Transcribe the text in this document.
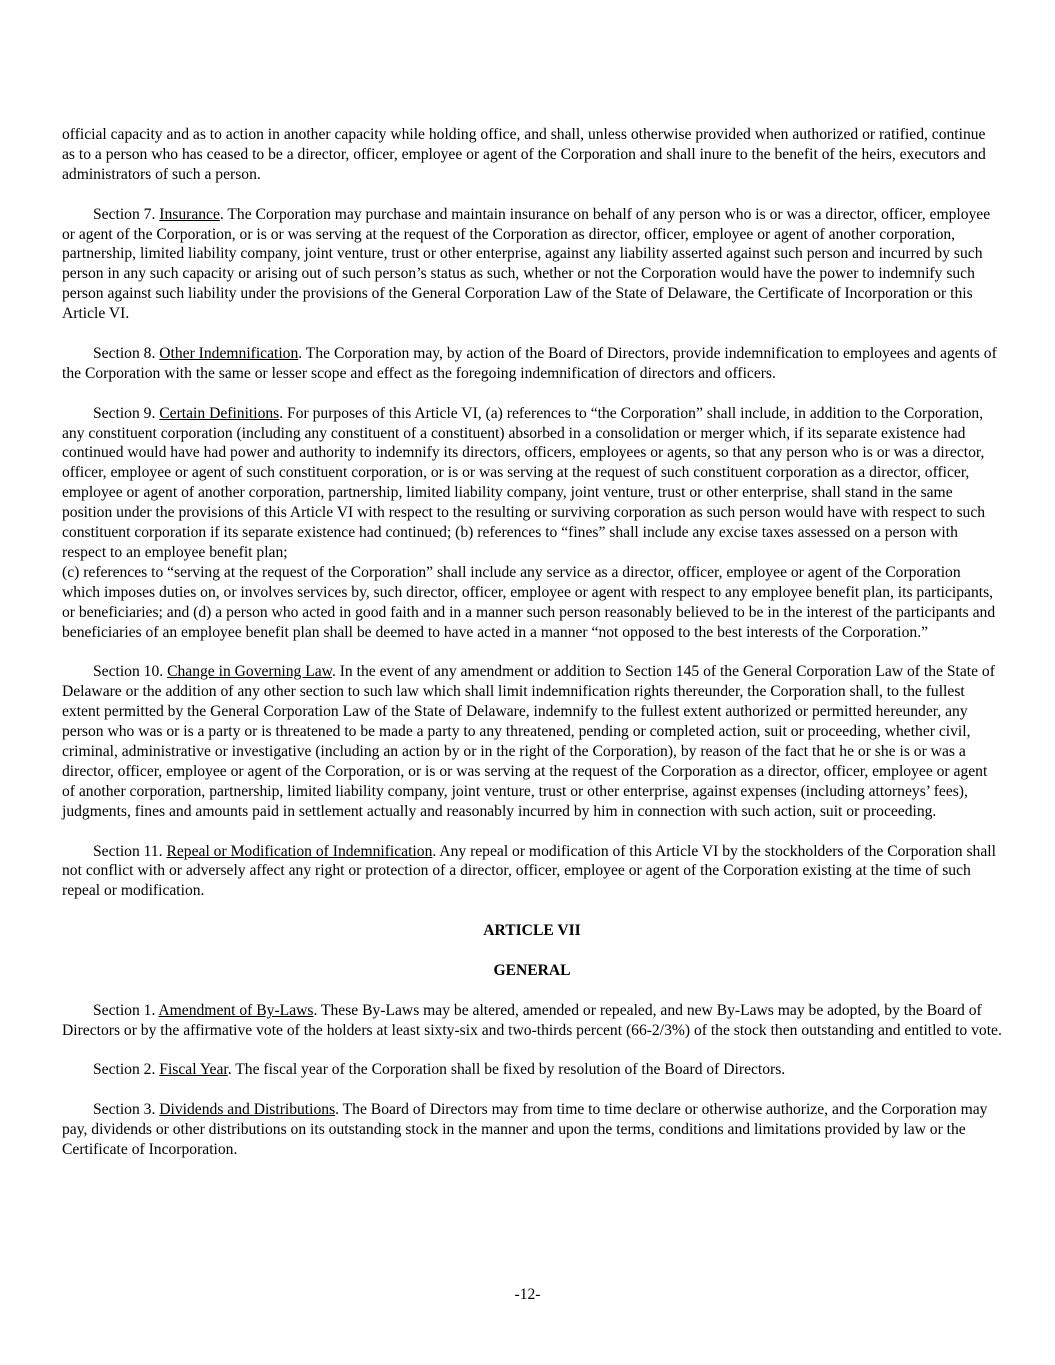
official capacity and as to action in another capacity while holding office, and shall, unless otherwise provided when authorized or ratified, continue as to a person who has ceased to be a director, officer, employee or agent of the Corporation and shall inure to the benefit of the heirs, executors and administrators of such a person.

Section 7. Insurance. The Corporation may purchase and maintain insurance on behalf of any person who is or was a director, officer, employee or agent of the Corporation, or is or was serving at the request of the Corporation as director, officer, employee or agent of another corporation, partnership, limited liability company, joint venture, trust or other enterprise, against any liability asserted against such person and incurred by such person in any such capacity or arising out of such person’s status as such, whether or not the Corporation would have the power to indemnify such person against such liability under the provisions of the General Corporation Law of the State of Delaware, the Certificate of Incorporation or this Article VI.

Section 8. Other Indemnification. The Corporation may, by action of the Board of Directors, provide indemnification to employees and agents of the Corporation with the same or lesser scope and effect as the foregoing indemnification of directors and officers.

Section 9. Certain Definitions. For purposes of this Article VI, (a) references to “the Corporation” shall include, in addition to the Corporation, any constituent corporation (including any constituent of a constituent) absorbed in a consolidation or merger which, if its separate existence had continued would have had power and authority to indemnify its directors, officers, employees or agents, so that any person who is or was a director, officer, employee or agent of such constituent corporation, or is or was serving at the request of such constituent corporation as a director, officer, employee or agent of another corporation, partnership, limited liability company, joint venture, trust or other enterprise, shall stand in the same position under the provisions of this Article VI with respect to the resulting or surviving corporation as such person would have with respect to such constituent corporation if its separate existence had continued; (b) references to “fines” shall include any excise taxes assessed on a person with respect to an employee benefit plan;
(c) references to “serving at the request of the Corporation” shall include any service as a director, officer, employee or agent of the Corporation which imposes duties on, or involves services by, such director, officer, employee or agent with respect to any employee benefit plan, its participants, or beneficiaries; and (d) a person who acted in good faith and in a manner such person reasonably believed to be in the interest of the participants and beneficiaries of an employee benefit plan shall be deemed to have acted in a manner “not opposed to the best interests of the Corporation.”

Section 10. Change in Governing Law. In the event of any amendment or addition to Section 145 of the General Corporation Law of the State of Delaware or the addition of any other section to such law which shall limit indemnification rights thereunder, the Corporation shall, to the fullest extent permitted by the General Corporation Law of the State of Delaware, indemnify to the fullest extent authorized or permitted hereunder, any person who was or is a party or is threatened to be made a party to any threatened, pending or completed action, suit or proceeding, whether civil, criminal, administrative or investigative (including an action by or in the right of the Corporation), by reason of the fact that he or she is or was a director, officer, employee or agent of the Corporation, or is or was serving at the request of the Corporation as a director, officer, employee or agent of another corporation, partnership, limited liability company, joint venture, trust or other enterprise, against expenses (including attorneys’ fees), judgments, fines and amounts paid in settlement actually and reasonably incurred by him in connection with such action, suit or proceeding.

Section 11. Repeal or Modification of Indemnification. Any repeal or modification of this Article VI by the stockholders of the Corporation shall not conflict with or adversely affect any right or protection of a director, officer, employee or agent of the Corporation existing at the time of such repeal or modification.

ARTICLE VII

GENERAL

Section 1. Amendment of By-Laws. These By-Laws may be altered, amended or repealed, and new By-Laws may be adopted, by the Board of Directors or by the affirmative vote of the holders at least sixty-six and two-thirds percent (66-2/3%) of the stock then outstanding and entitled to vote.

Section 2. Fiscal Year. The fiscal year of the Corporation shall be fixed by resolution of the Board of Directors.

Section 3. Dividends and Distributions. The Board of Directors may from time to time declare or otherwise authorize, and the Corporation may pay, dividends or other distributions on its outstanding stock in the manner and upon the terms, conditions and limitations provided by law or the Certificate of Incorporation.

-12-
